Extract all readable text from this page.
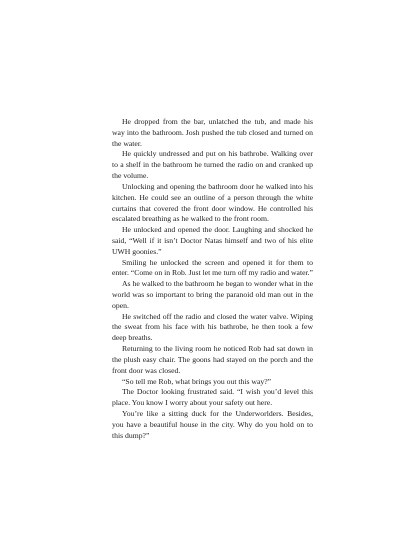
He dropped from the bar, unlatched the tub, and made his way into the bathroom. Josh pushed the tub closed and turned on the water.

He quickly undressed and put on his bathrobe. Walking over to a shelf in the bathroom he turned the radio on and cranked up the volume.

Unlocking and opening the bathroom door he walked into his kitchen. He could see an outline of a person through the white curtains that covered the front door window. He controlled his escalated breathing as he walked to the front room.

He unlocked and opened the door. Laughing and shocked he said, “Well if it isn’t Doctor Natas himself and two of his elite UWH goonies.”

Smiling he unlocked the screen and opened it for them to enter. “Come on in Rob. Just let me turn off my radio and water.”

As he walked to the bathroom he began to wonder what in the world was so important to bring the paranoid old man out in the open.

He switched off the radio and closed the water valve. Wiping the sweat from his face with his bathrobe, he then took a few deep breaths.

Returning to the living room he noticed Rob had sat down in the plush easy chair. The goons had stayed on the porch and the front door was closed.

“So tell me Rob, what brings you out this way?”

The Doctor looking frustrated said. “I wish you’d level this place. You know I worry about your safety out here.

You’re like a sitting duck for the Underworlders. Besides, you have a beautiful house in the city. Why do you hold on to this dump?”
